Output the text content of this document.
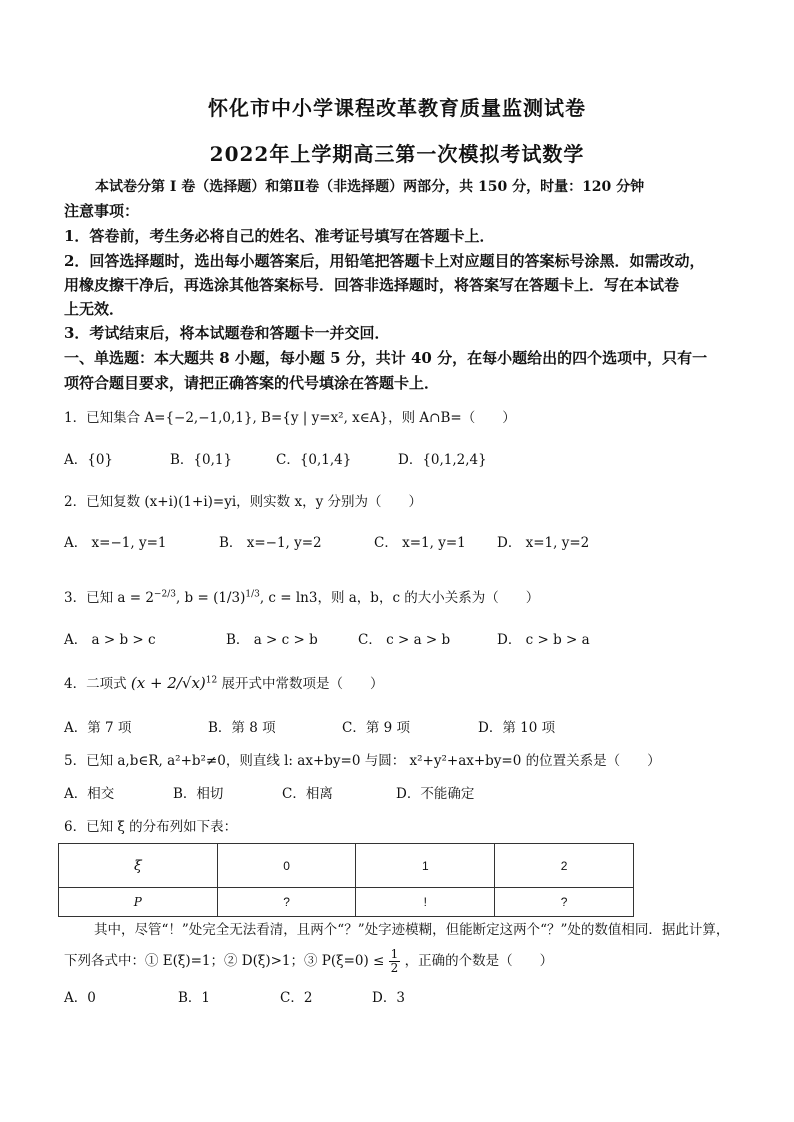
怀化市中小学课程改革教育质量监测试卷
2022年上学期高三第一次模拟考试数学
本试卷分第 I 卷（选择题）和第Ⅱ卷（非选择题）两部分，共 150 分，时量：120 分钟
注意事项：
1．答卷前，考生务必将自己的姓名、准考证号填写在答题卡上．
2．回答选择题时，选出每小题答案后，用铅笔把答题卡上对应题目的答案标号涂黑．如需改动，
用橡皮擦干净后，再选涂其他答案标号．回答非选择题时，将答案写在答题卡上．写在本试卷
上无效．
3．考试结束后，将本试题卷和答题卡一并交回．
一、单选题：本大题共 8 小题，每小题 5 分，共计 40 分，在每小题给出的四个选项中，只有一
项符合题目要求，请把正确答案的代号填涂在答题卡上．
1．已知集合 A={−2,−1,0,1}, B={y | y=x², x∈A}，则 A∩B=（　　）
A．{0}	B．{0,1}	C．{0,1,4}	D．{0,1,2,4}
2．已知复数 (x+i)(1+i)=yi，则实数 x，y 分别为（　　）
A． x=−1, y=1	B． x=−1, y=2	C． x=1, y=1 D． x=1, y=2
3．已知 $a = 2^{-2/3}$, $b = (1/3)^{1/3}$, c = ln3，则 a，b，c 的大小关系为（　　）
A． a > b > c	B． a > c > b	C． c > a > b	D． c > b > a
4．二项式 $(x + 2/√x)^{12}$ 展开式中常数项是（　　）
A．第 7 项	B．第 8 项	C．第 9 项	D．第 10 项
5．已知 a,b∈R, a²+b²≠0，则直线 l: ax+by=0 与圆： x²+y²+ax+by=0 的位置关系是（　　）
A．相交	B．相切	C．相离	D．不能确定
6．已知 ξ 的分布列如下表：
ξ	0	1	2
P	?	!	?
其中，尽管“！”处完全无法看清，且两个“？”处字迹模糊，但能断定这两个“？”处的数值相同．据此计算，
下列各式中：① E(ξ)=1；② D(ξ)>1；③ $P(\xi=0) \le \frac{1}{2}$ ，正确的个数是（　　）
A．0	B．1	C．2	D．3
